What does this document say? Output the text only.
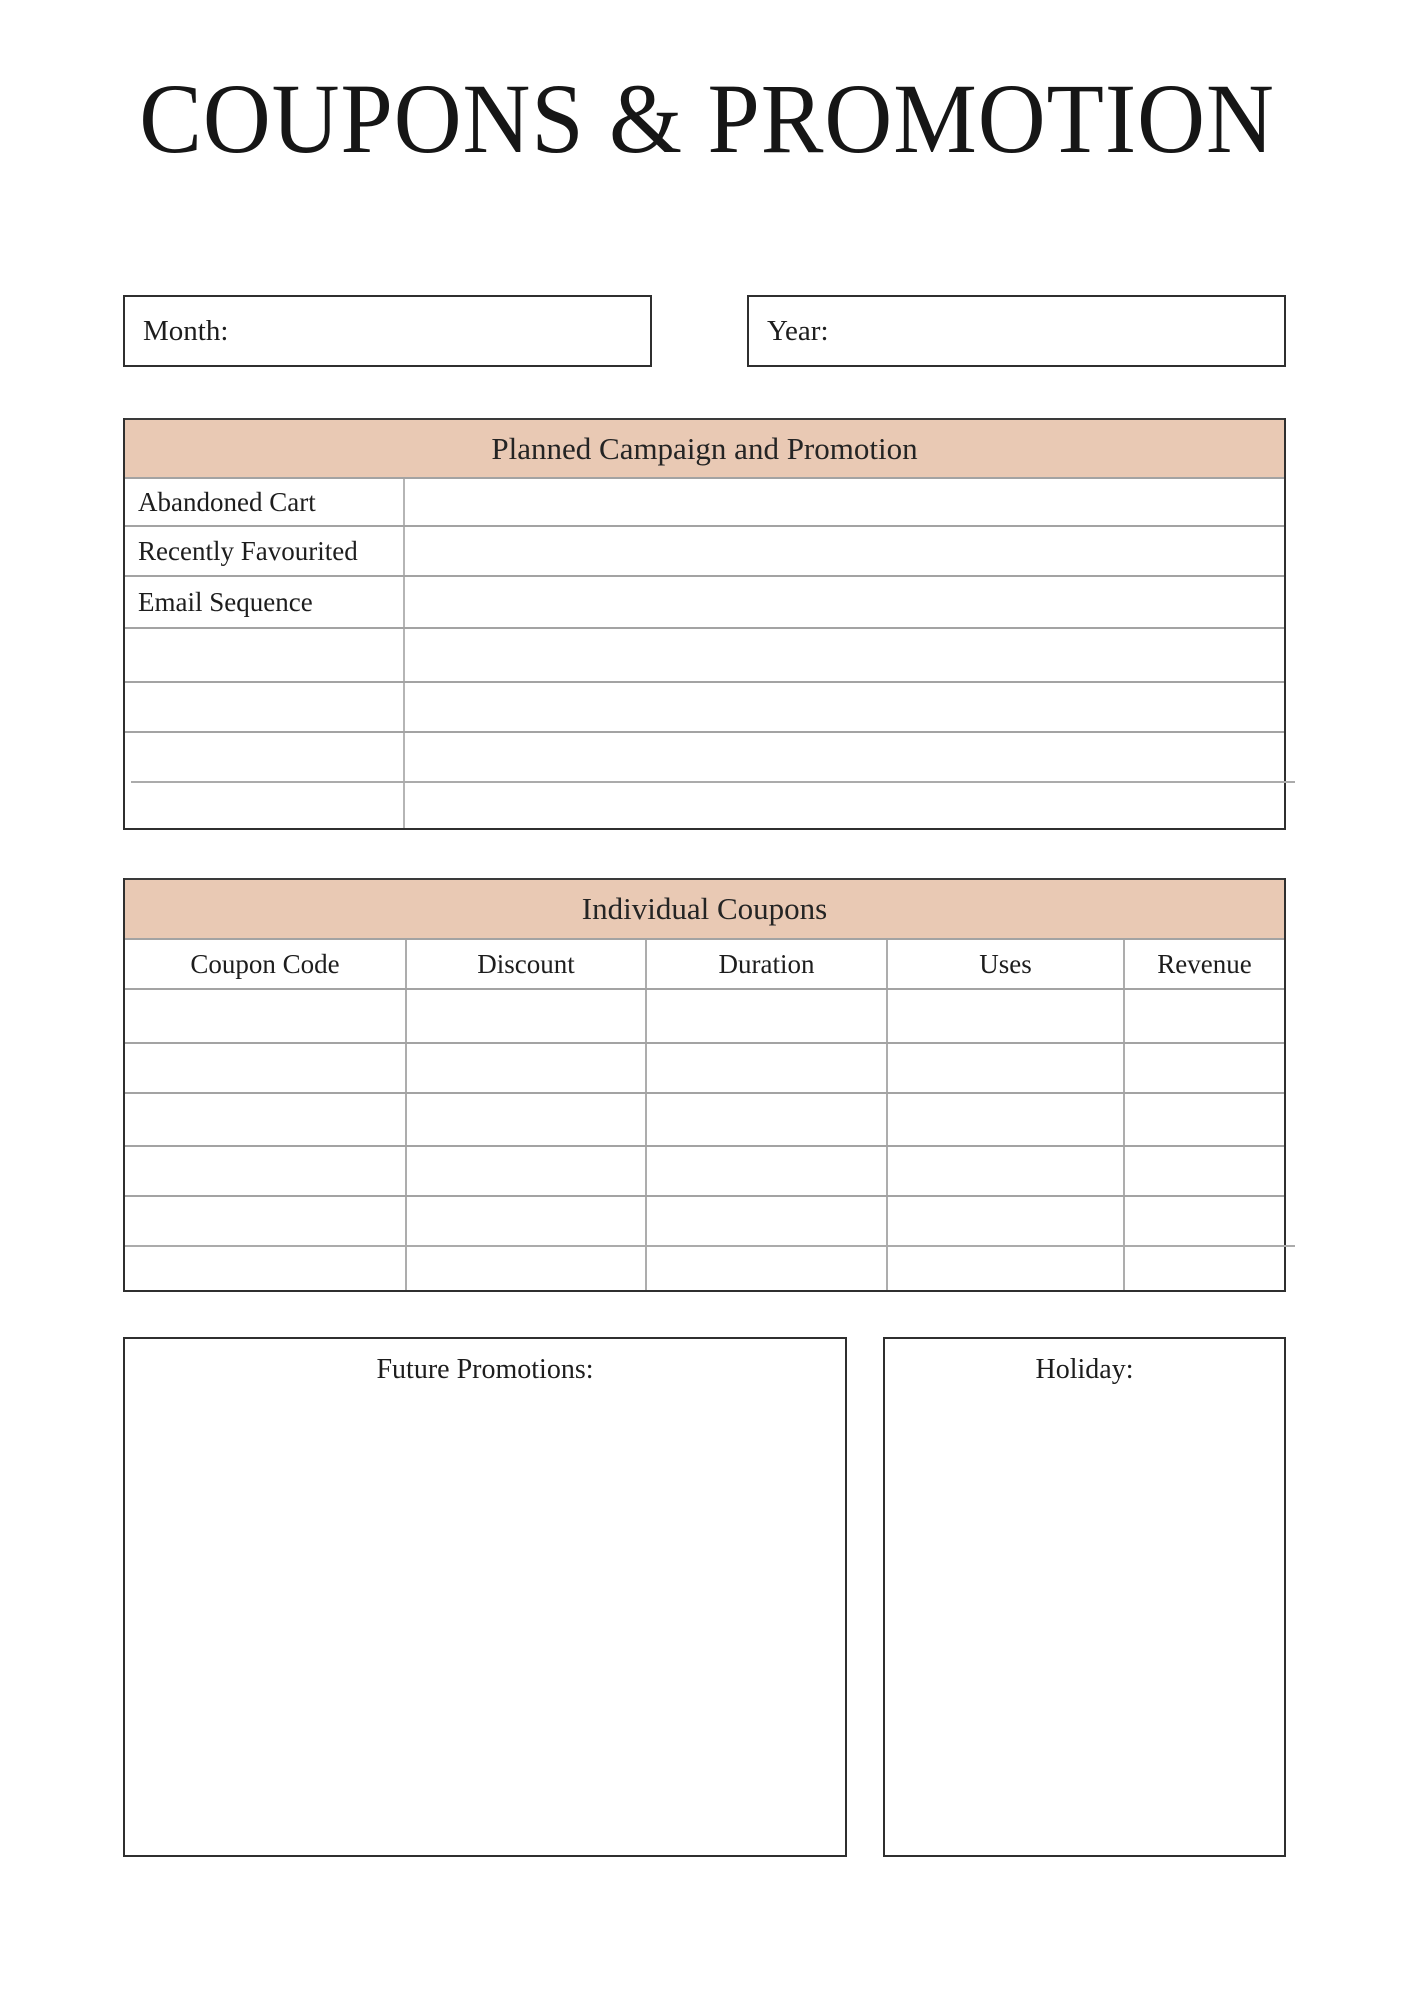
COUPONS & PROMOTION
Month:	Year:
Planned Campaign and Promotion
Abandoned Cart
Recently Favourited
Email Sequence
Individual Coupons
Coupon Code	Discount	Duration	Uses	Revenue
Future Promotions:	Holiday:
